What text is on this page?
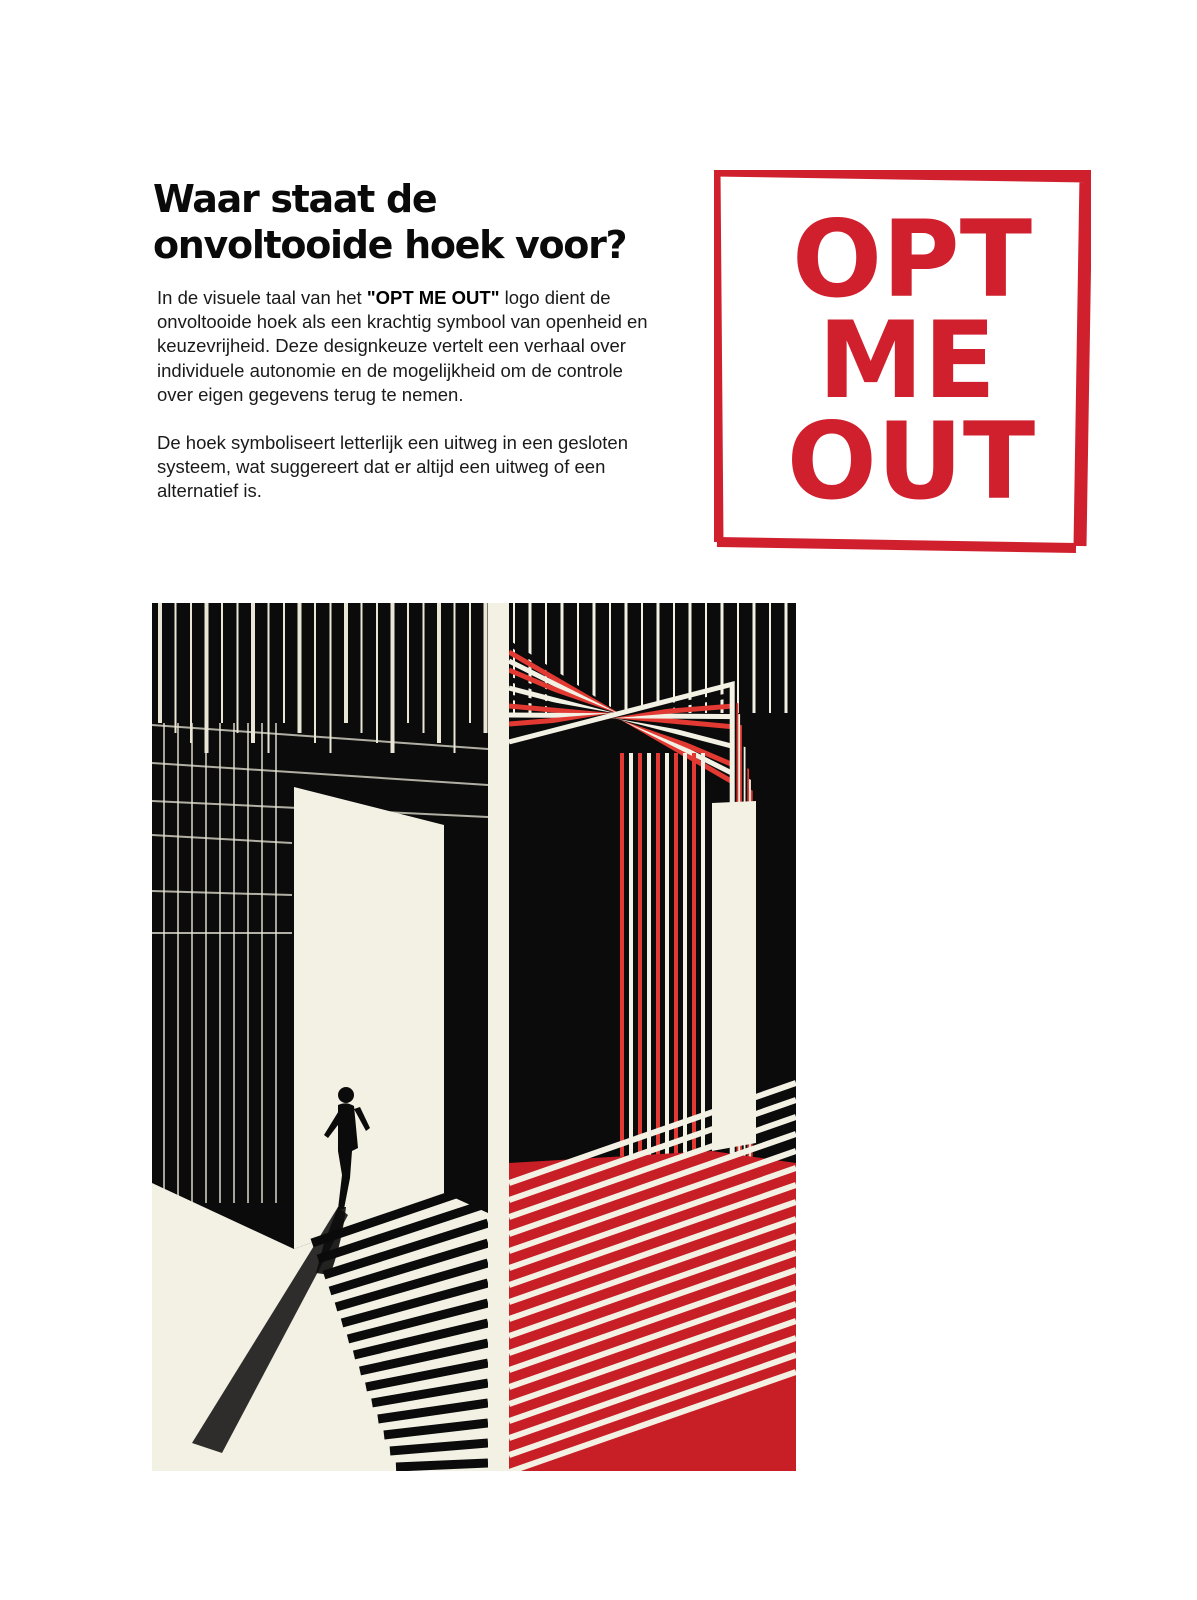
Waar staat de
onvoltooide hoek voor?

In de visuele taal van het "OPT ME OUT" logo dient de onvoltooide hoek als een krachtig symbool van openheid en keuzevrijheid. Deze designkeuze vertelt een verhaal over individuele autonomie en de mogelijkheid om de controle over eigen gegevens terug te nemen.

De hoek symboliseert letterlijk een uitweg in een gesloten systeem, wat suggereert dat er altijd een uitweg of een alternatief is.

OPT
ME
OUT
